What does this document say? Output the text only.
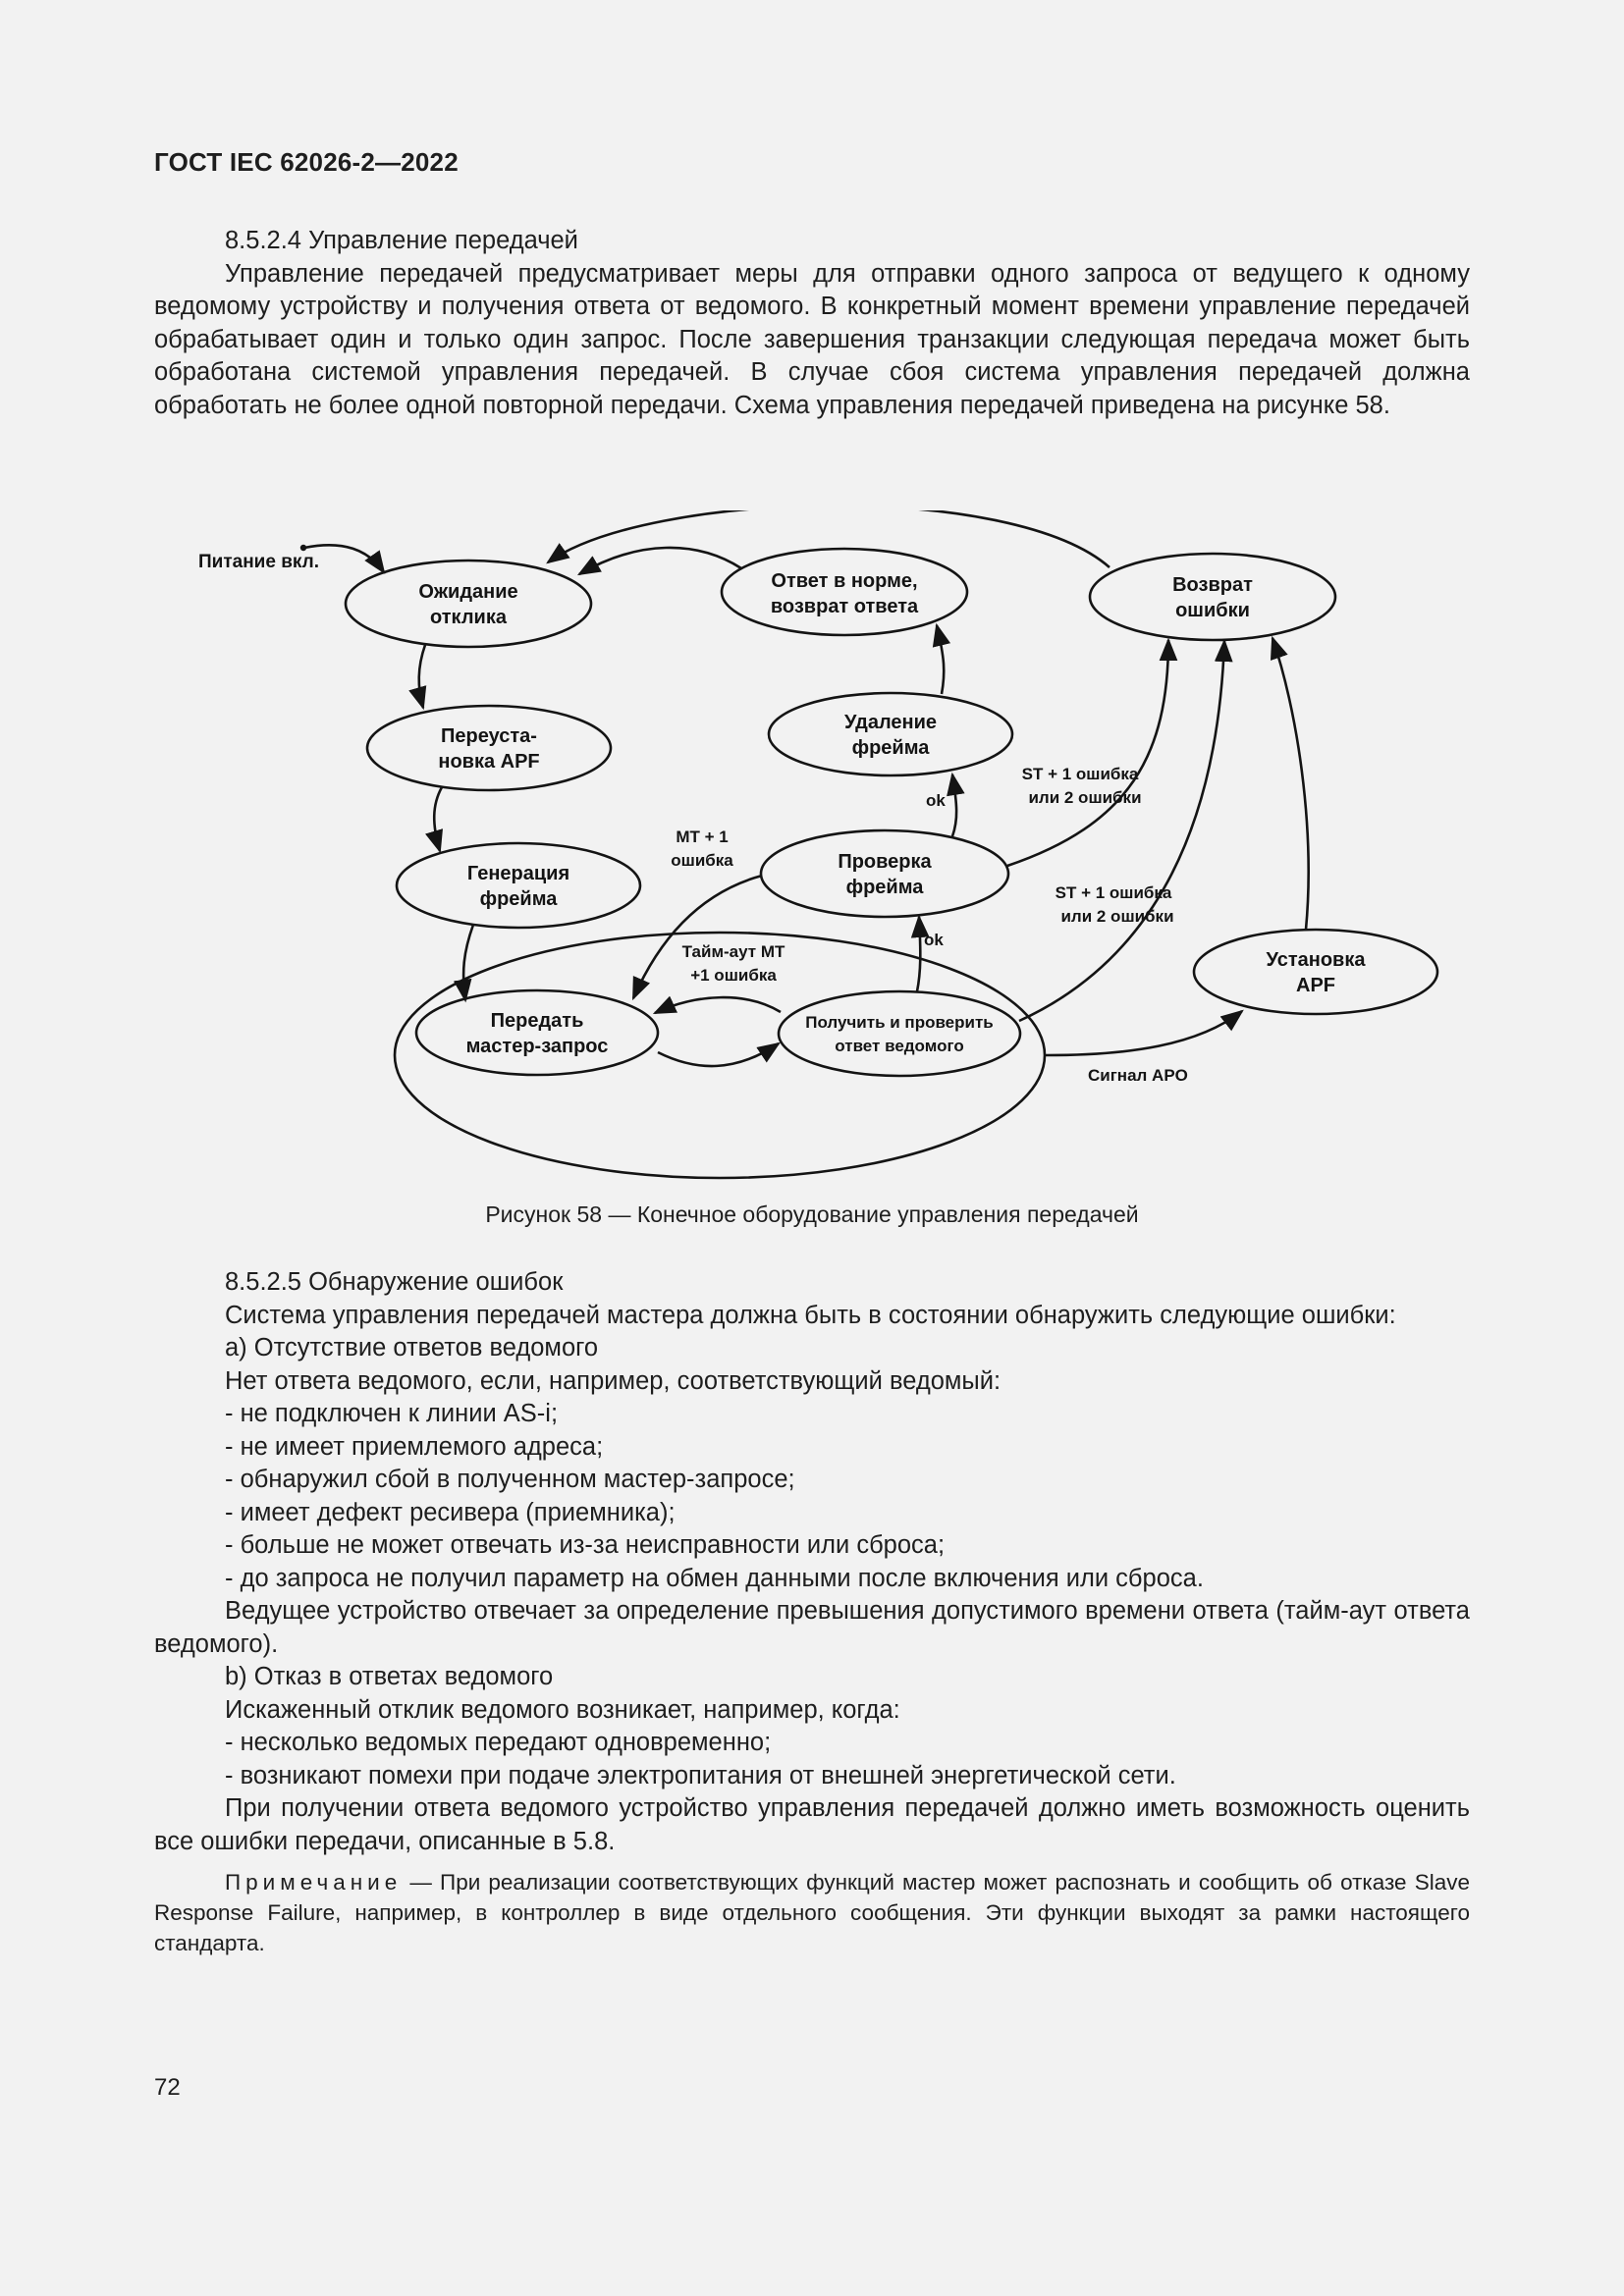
ГОСТ IEC 62026-2—2022

8.5.2.4 Управление передачей

Управление передачей предусматривает меры для отправки одного запроса от ведущего к одному ведомому устройству и получения ответа от ведомого. В конкретный момент времени управление передачей обрабатывает один и только один запрос. После завершения транзакции следующая передача может быть обработана системой управления передачей. В случае сбоя система управления передачей должна обработать не более одной повторной передачи. Схема управления передачей приведена на рисунке 58.

Ожидание
отклика
Ответ в норме,
возврат ответа
Возврат
ошибки
Переуста-
новка APF
Удаление
фрейма
Генерация
фрейма
Проверка
фрейма
Установка
APF
Передать
мастер-запрос
Получить и проверить
ответ ведомого
Питание вкл.
ST + 1 ошибка
или 2 ошибки
ST + 1 ошибка
или 2 ошибки
MT + 1
ошибка
Тайм-аут MT
+1 ошибка
ok
ok
Сигнал APO
Рисунок 58 — Конечное оборудование управления передачей

8.5.2.5 Обнаружение ошибок

Система управления передачей мастера должна быть в состоянии обнаружить следующие ошибки:

а) Отсутствие ответов ведомого

Нет ответа ведомого, если, например, соответствующий ведомый:

- не подключен к линии AS-i;

- не имеет приемлемого адреса;

- обнаружил сбой в полученном мастер-запросе;

- имеет дефект ресивера (приемника);

- больше не может отвечать из-за неисправности или сброса;

- до запроса не получил параметр на обмен данными после включения или сброса.

Ведущее устройство отвечает за определение превышения допустимого времени ответа (тайм-аут ответа ведомого).

b) Отказ в ответах ведомого

Искаженный отклик ведомого возникает, например, когда:

- несколько ведомых передают одновременно;

- возникают помехи при подаче электропитания от внешней энергетической сети.

При получении ответа ведомого устройство управления передачей должно иметь возможность оценить все ошибки передачи, описанные в 5.8.

Примечание — При реализации соответствующих функций мастер может распознать и сообщить об отказе Slave Response Failure, например, в контроллер в виде отдельного сообщения. Эти функции выходят за рамки настоящего стандарта.
72
